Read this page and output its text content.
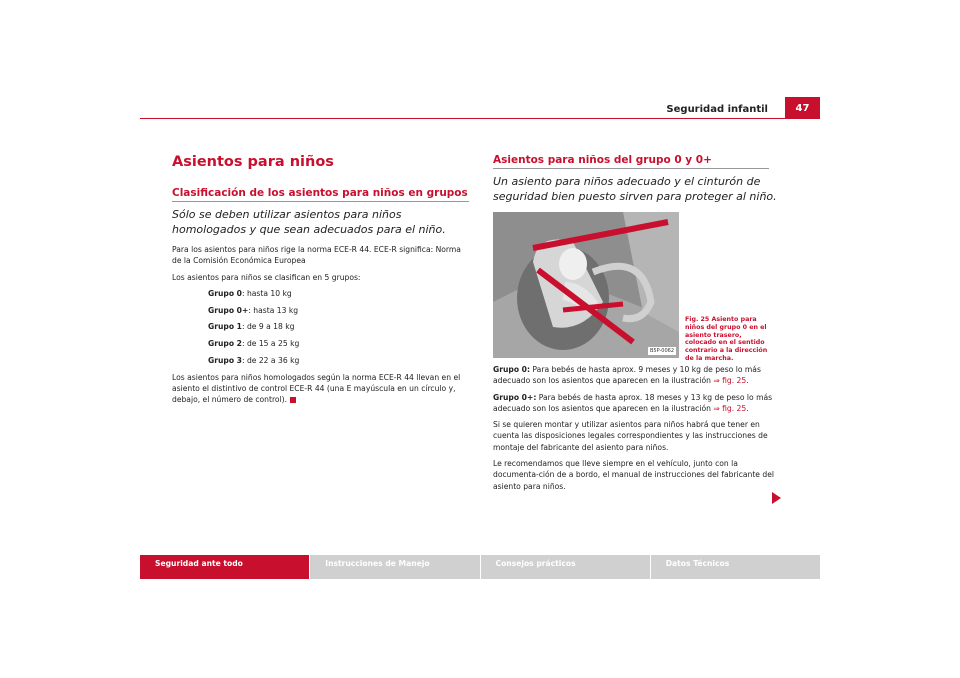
Seguridad infantil	47
Asientos para niños
Clasificación de los asientos para niños en grupos
Sólo se deben utilizar asientos para niños homologados y que sean adecuados para el niño.

Para los asientos para niños rige la norma ECE-R 44. ECE-R significa: Norma de la Comisión Económica Europea

Los asientos para niños se clasifican en 5 grupos:

Grupo 0: hasta 10 kg
Grupo 0+: hasta 13 kg
Grupo 1: de 9 a 18 kg
Grupo 2: de 15 a 25 kg
Grupo 3: de 22 a 36 kg

Los asientos para niños homologados según la norma ECE-R 44 llevan en el asiento el distintivo de control ECE-R 44 (una E mayúscula en un círculo y, debajo, el número de control).

Asientos para niños del grupo 0 y 0+
Un asiento para niños adecuado y el cinturón de seguridad bien puesto sirven para proteger al niño.
B5P-0062
Fig. 25 Asiento para niños del grupo 0 en el asiento trasero, colocado en el sentido contrario a la dirección de la marcha.

Grupo 0: Para bebés de hasta aprox. 9 meses y 10 kg de peso lo más adecuado son los asientos que aparecen en la ilustración ⇒ fig. 25.

Grupo 0+: Para bebés de hasta aprox. 18 meses y 13 kg de peso lo más adecuado son los asientos que aparecen en la ilustración ⇒ fig. 25.

Si se quieren montar y utilizar asientos para niños habrá que tener en cuenta las disposiciones legales correspondientes y las instrucciones de montaje del fabricante del asiento para niños.

Le recomendamos que lleve siempre en el vehículo, junto con la documenta-ción de a bordo, el manual de instrucciones del fabricante del asiento para niños.

Seguridad ante todo	Instrucciones de Manejo	Consejos prácticos	Datos Técnicos
